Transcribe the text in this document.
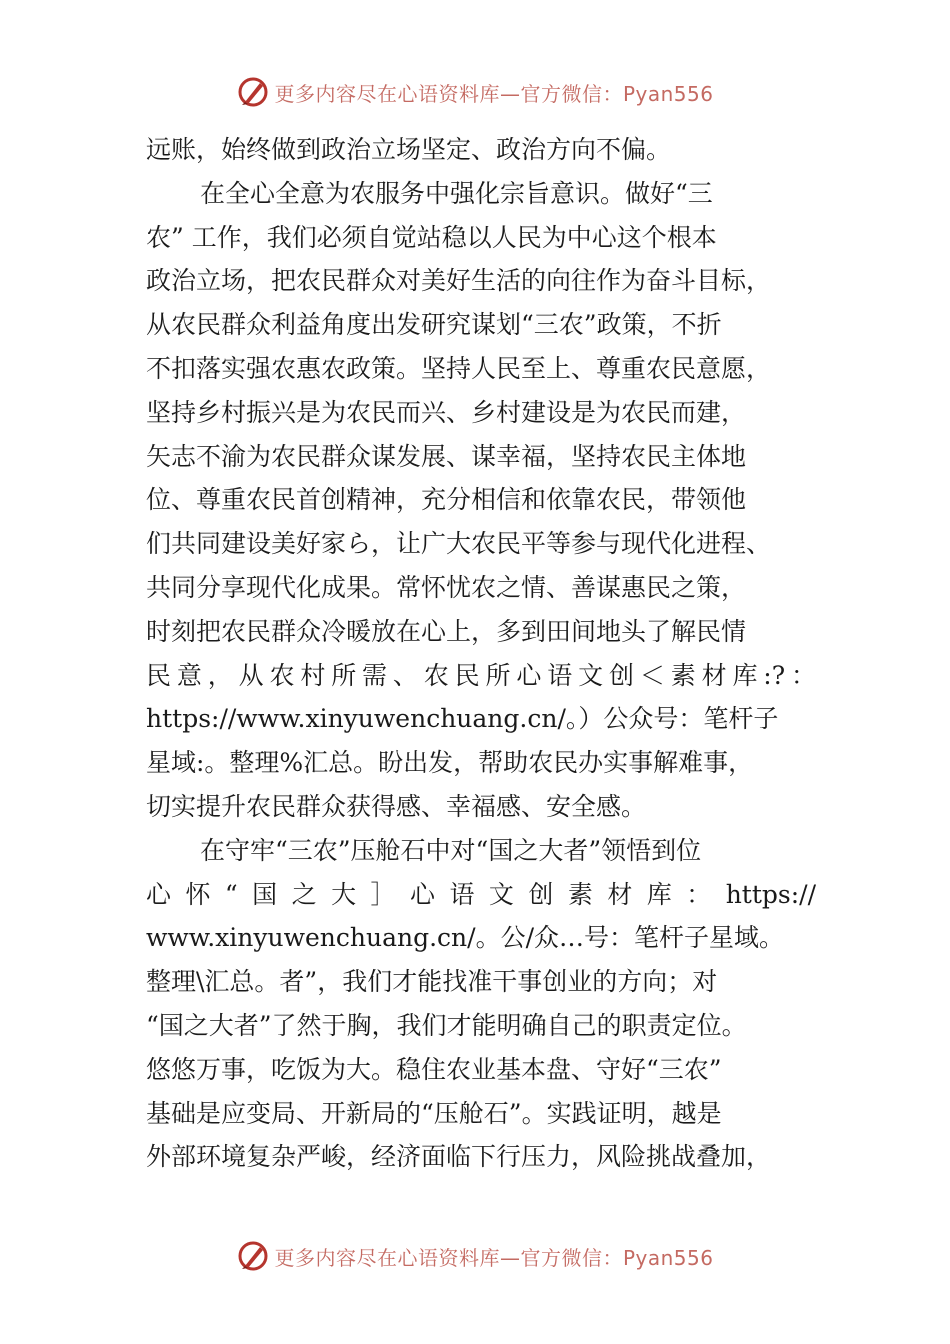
更多内容尽在心语资料库—官方微信：Pyan556
远账，始终做到政治立场坚定、政治方向不偏。
在全心全意为农服务中强化宗旨意识。做好“三
农” 工作，我们必须自觉站稳以人民为中心这个根本
政治立场，把农民群众对美好生活的向往作为奋斗目标，
从农民群众利益角度出发研究谋划“三农”政策，不折
不扣落实强农惠农政策。坚持人民至上、尊重农民意愿，
坚持乡村振兴是为农民而兴、乡村建设是为农民而建，
矢志不渝为农民群众谋发展、谋幸福，坚持农民主体地
位、尊重农民首创精神，充分相信和依靠农民，带领他
们共同建设美好家ら，让广大农民平等参与现代化进程、
共同分享现代化成果。常怀忧农之情、善谋惠民之策，
时刻把农民群众冷暖放在心上，多到田间地头了解民情
民意，从农村所需、农民所心语文创＜素材库:?：
https://www.xinyuwenchuang.cn/。）公众号：笔杆子
星域:。整理%汇总。盼出发，帮助农民办实事解难事，
切实提升农民群众获得感、幸福感、安全感。
在守牢“三农”压舱石中对“国之大者”领悟到位
心怀“国之大］心语文创素材库：https://
www.xinyuwenchuang.cn/。公/众…号：笔杆子星域。
整理\汇总。者”，我们才能找准干事创业的方向；对
“国之大者”了然于胸，我们才能明确自己的职责定位。
悠悠万事，吃饭为大。稳住农业基本盘、守好“三农”
基础是应变局、开新局的“压舱石”。实践证明，越是
外部环境复杂严峻，经济面临下行压力，风险挑战叠加，
更多内容尽在心语资料库—官方微信：Pyan556
